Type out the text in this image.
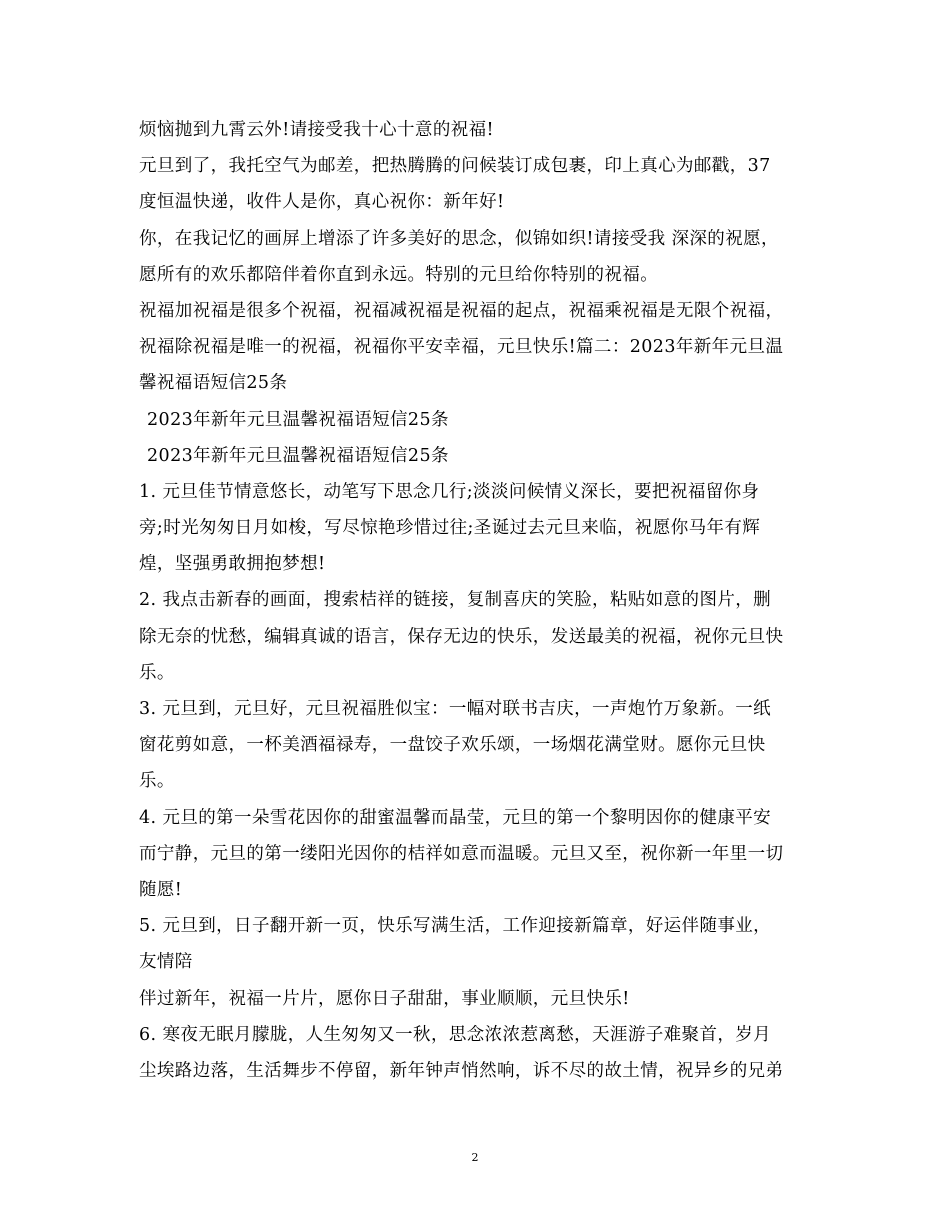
烦恼抛到九霄云外!请接受我十心十意的祝福!
元旦到了，我托空气为邮差，把热腾腾的问候装订成包裹，印上真心为邮戳，37
度恒温快递，收件人是你，真心祝你：新年好!
你，在我记忆的画屏上增添了许多美好的思念，似锦如织!请接受我 深深的祝愿，
愿所有的欢乐都陪伴着你直到永远。特别的元旦给你特别的祝福。
祝福加祝福是很多个祝福，祝福减祝福是祝福的起点，祝福乘祝福是无限个祝福，
祝福除祝福是唯一的祝福，祝福你平安幸福，元旦快乐!篇二：2023年新年元旦温
馨祝福语短信25条
2023年新年元旦温馨祝福语短信25条
2023年新年元旦温馨祝福语短信25条
1. 元旦佳节情意悠长，动笔写下思念几行;淡淡问候情义深长，要把祝福留你身
旁;时光匆匆日月如梭，写尽惊艳珍惜过往;圣诞过去元旦来临，祝愿你马年有辉
煌，坚强勇敢拥抱梦想!
2. 我点击新春的画面，搜索桔祥的链接，复制喜庆的笑脸，粘贴如意的图片，删
除无奈的忧愁，编辑真诚的语言，保存无边的快乐，发送最美的祝福，祝你元旦快
乐。
3. 元旦到，元旦好，元旦祝福胜似宝：一幅对联书吉庆，一声炮竹万象新。一纸
窗花剪如意，一杯美酒福禄寿，一盘饺子欢乐颂，一场烟花满堂财。愿你元旦快
乐。
4. 元旦的第一朵雪花因你的甜蜜温馨而晶莹，元旦的第一个黎明因你的健康平安
而宁静，元旦的第一缕阳光因你的桔祥如意而温暖。元旦又至，祝你新一年里一切
随愿!
5. 元旦到，日子翻开新一页，快乐写满生活，工作迎接新篇章，好运伴随事业，
友情陪
伴过新年，祝福一片片，愿你日子甜甜，事业顺顺，元旦快乐!
6. 寒夜无眠月朦胧，人生匆匆又一秋，思念浓浓惹离愁，天涯游子难聚首，岁月
尘埃路边落，生活舞步不停留，新年钟声悄然响，诉不尽的故土情，祝异乡的兄弟
2
